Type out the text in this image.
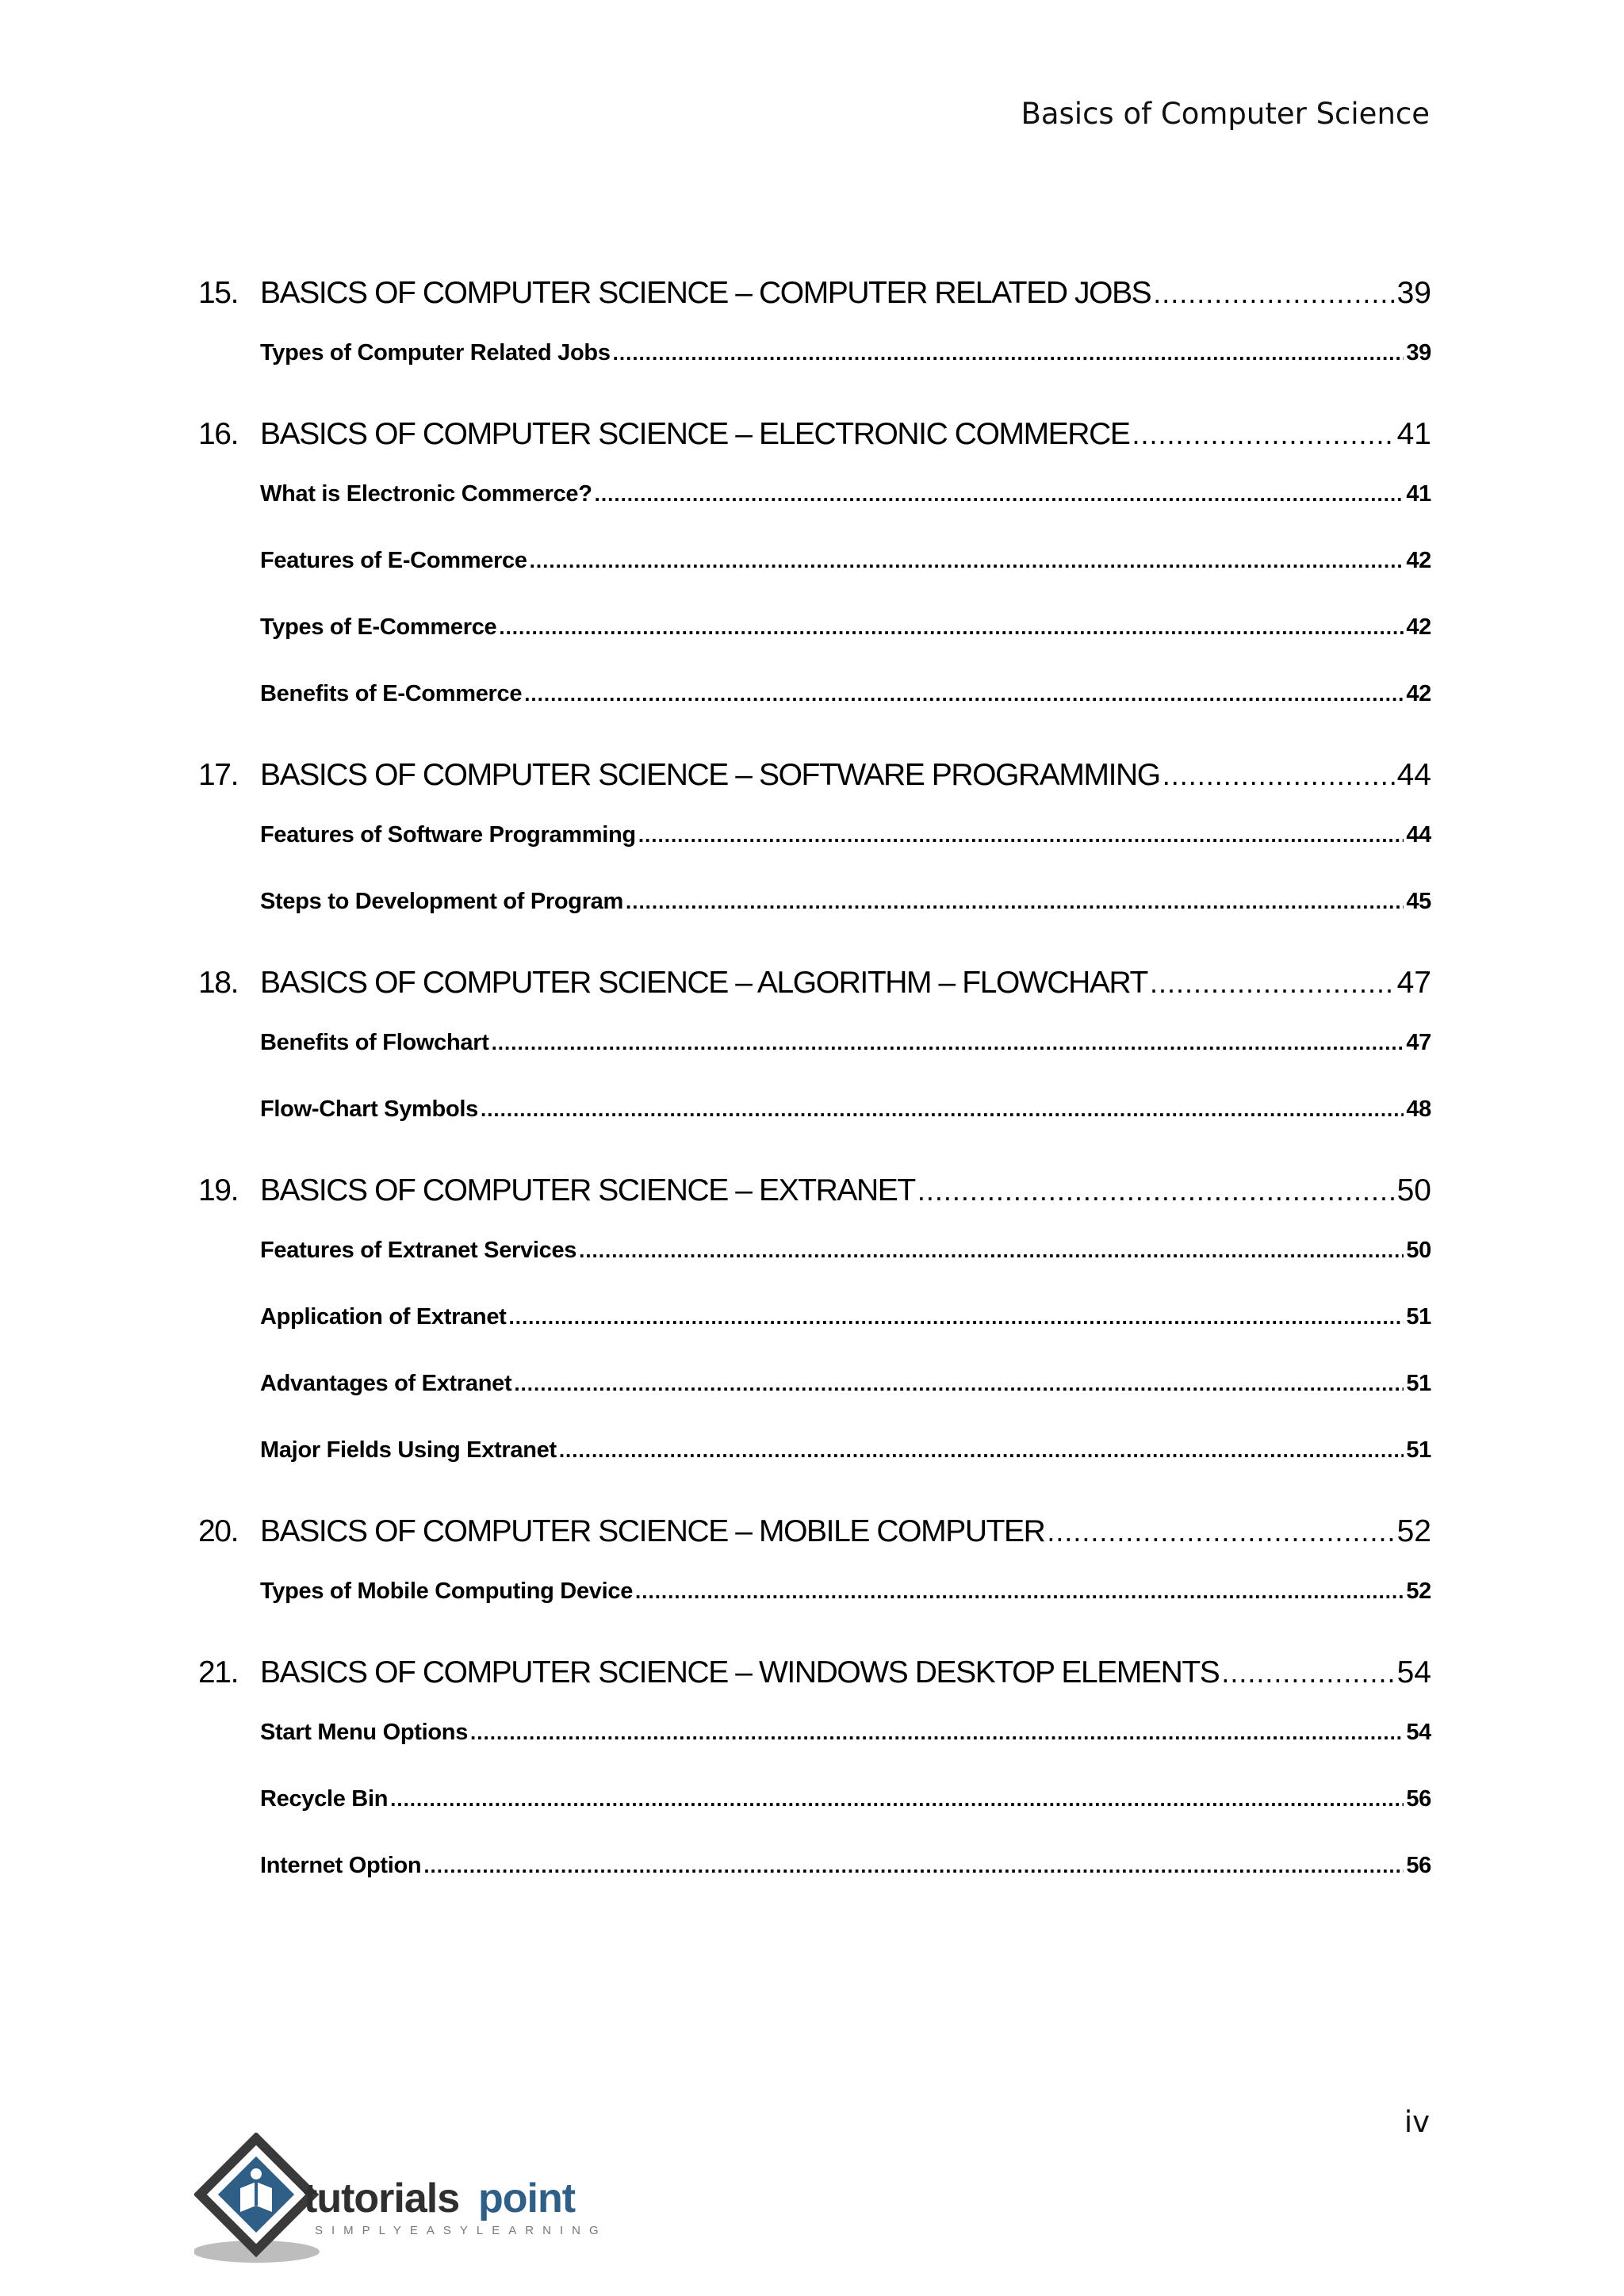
Basics of Computer Science
15. BASICS OF COMPUTER SCIENCE – COMPUTER RELATED JOBS .....	39
Types of Computer Related Jobs .....	39
16. BASICS OF COMPUTER SCIENCE – ELECTRONIC COMMERCE .....	41
What is Electronic Commerce? .....	41
Features of E-Commerce .....	42
Types of E-Commerce .....	42
Benefits of E-Commerce .....	42
17. BASICS OF COMPUTER SCIENCE – SOFTWARE PROGRAMMING .....	44
Features of Software Programming .....	44
Steps to Development of Program .....	45
18. BASICS OF COMPUTER SCIENCE – ALGORITHM – FLOWCHART .....	47
Benefits of Flowchart .....	47
Flow-Chart Symbols .....	48
19. BASICS OF COMPUTER SCIENCE – EXTRANET .....	50
Features of Extranet Services .....	50
Application of Extranet .....	51
Advantages of Extranet .....	51
Major Fields Using Extranet .....	51
20. BASICS OF COMPUTER SCIENCE – MOBILE COMPUTER .....	52
Types of Mobile Computing Device .....	52
21. BASICS OF COMPUTER SCIENCE – WINDOWS DESKTOP ELEMENTS .....	54
Start Menu Options .....	54
Recycle Bin .....	56
Internet Option .....	56
iv
tutorials point
SIMPLYEASYLEARNING
